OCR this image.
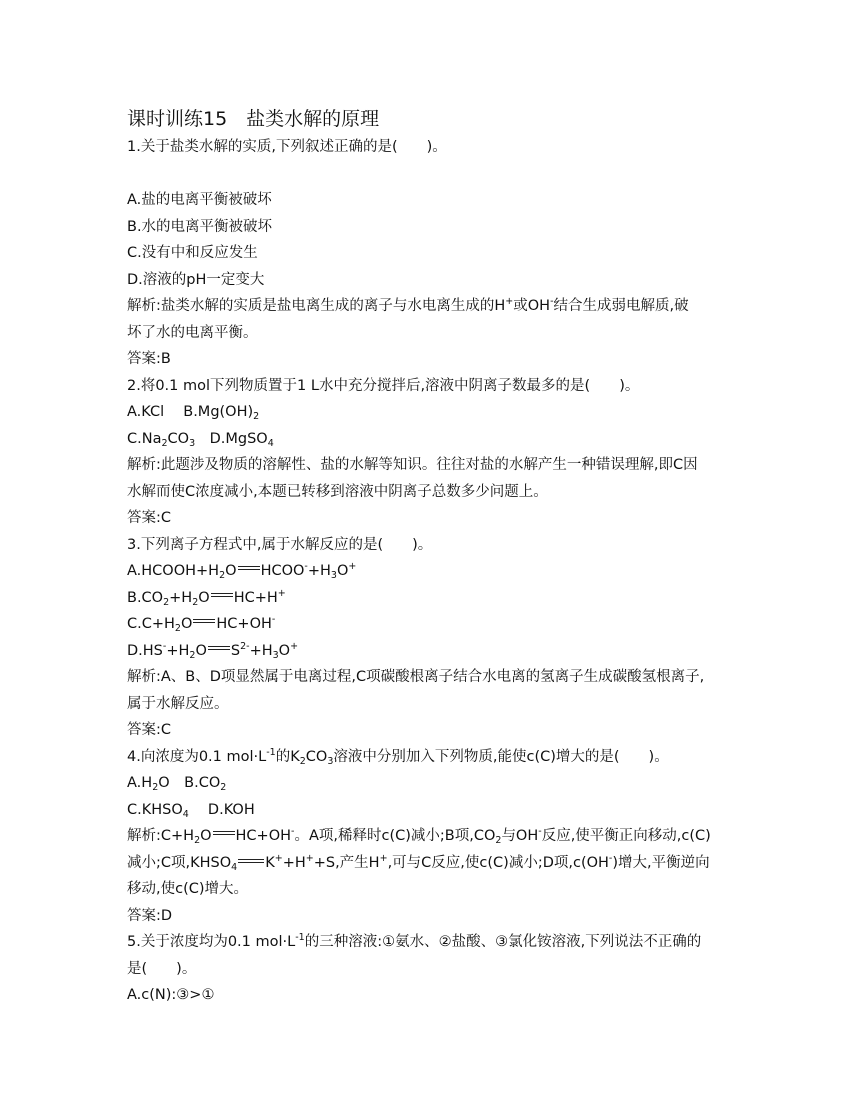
课时训练15　盐类水解的原理
1.关于盐类水解的实质,下列叙述正确的是(　　)。
A.盐的电离平衡被破坏
B.水的电离平衡被破坏
C.没有中和反应发生
D.溶液的pH一定变大
解析:盐类水解的实质是盐电离生成的离子与水电离生成的H+或OH-结合生成弱电解质,破
坏了水的电离平衡。
答案:B
2.将0.1 mol下列物质置于1 L水中充分搅拌后,溶液中阴离子数最多的是(　　)。
A.KCl　 $B.Mg(OH)_2$
$C.Na_2CO_3$　D.MgSO$_4$
解析:此题涉及物质的溶解性、盐的水解等知识。往往对盐的水解产生一种错误理解,即C因
水解而使C浓度减小,本题已转移到溶液中阴离子总数多少问题上。
答案:C
3.下列离子方程式中,属于水解反应的是(　　)。
$A.HCOOH+H_2O$ $HCOO^-+H_3O^+$
$B.CO_2+H_2O$ HC+H+
$C.C+H_2O$ HC+OH-
$D.HS^-+H_2O$ $S^{2-}+H_3O^+$
解析:A、B、D项显然属于电离过程,C项碳酸根离子结合水电离的氢离子生成碳酸氢根离子,
属于水解反应。
答案:C
4.向浓度为0.1 $mol\cdot L^{-1}$的$K_2CO_3$溶液中分别加入下列物质,能使c(C)增大的是(　　)。
$A.H_2O$　$B.CO_2$
$C.KHSO_4$　 D.KOH
解析$:C+H_2O$ HC+OH-。A项,稀释时c(C)减小;B项$,CO_2$与OH-反应,使平衡正向移动,c(C)
减小;C项$,KHSO_4$ K++H++S,产生H+,可与C反应,使c(C)减小;D项,c(OH-)增大,平衡逆向
移动,使c(C)增大。
答案:D
5.关于浓度均为0.1 $mol\cdot L^{-1}$的三种溶液:①氨水、②盐酸、③氯化铵溶液,下列说法不正确的
是(　　)。
A.c(N):③>①
